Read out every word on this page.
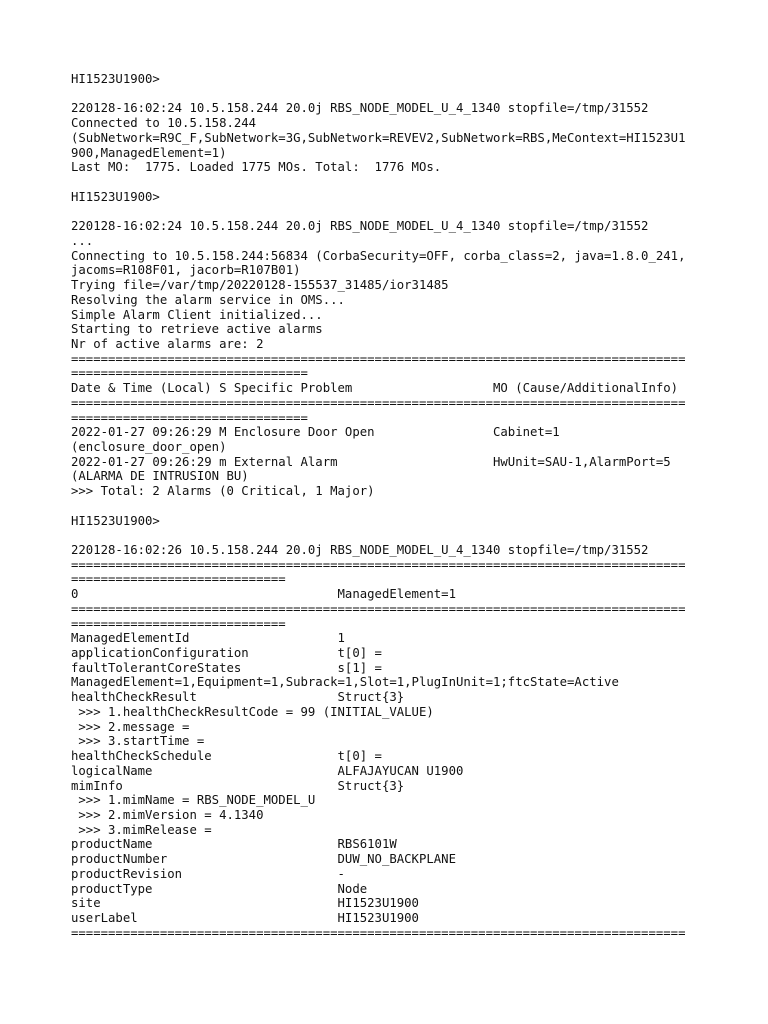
HI1523U1900>
220128-16:02:24 10.5.158.244 20.0j RBS_NODE_MODEL_U_4_1340 stopfile=/tmp/31552
Connected to 10.5.158.244
(SubNetwork=R9C_F,SubNetwork=3G,SubNetwork=REVEV2,SubNetwork=RBS,MeContext=HI1523U1
900,ManagedElement=1)
Last MO:  1775. Loaded 1775 MOs. Total:  1776 MOs.
HI1523U1900>
220128-16:02:24 10.5.158.244 20.0j RBS_NODE_MODEL_U_4_1340 stopfile=/tmp/31552
...
Connecting to 10.5.158.244:56834 (CorbaSecurity=OFF, corba_class=2, java=1.8.0_241,
jacoms=R108F01, jacorb=R107B01)
Trying file=/var/tmp/20220128-155537_31485/ior31485
Resolving the alarm service in OMS...
Simple Alarm Client initialized...
Starting to retrieve active alarms
Nr of active alarms are: 2
===================================================================================
================================
Date & Time (Local) S Specific Problem                   MO (Cause/AdditionalInfo)
===================================================================================
================================
2022-01-27 09:26:29 M Enclosure Door Open                Cabinet=1
(enclosure_door_open)
2022-01-27 09:26:29 m External Alarm                     HwUnit=SAU-1,AlarmPort=5
(ALARMA DE INTRUSION BU)
>>> Total: 2 Alarms (0 Critical, 1 Major)
HI1523U1900>
220128-16:02:26 10.5.158.244 20.0j RBS_NODE_MODEL_U_4_1340 stopfile=/tmp/31552
===================================================================================
=============================
0                                   ManagedElement=1
===================================================================================
=============================
ManagedElementId                    1
applicationConfiguration            t[0] =
faultTolerantCoreStates             s[1] =
ManagedElement=1,Equipment=1,Subrack=1,Slot=1,PlugInUnit=1;ftcState=Active
healthCheckResult                   Struct{3}
>>> 1.healthCheckResultCode = 99 (INITIAL_VALUE)
>>> 2.message =
>>> 3.startTime =
healthCheckSchedule                 t[0] =
logicalName                         ALFAJAYUCAN U1900
mimInfo                             Struct{3}
>>> 1.mimName = RBS_NODE_MODEL_U
>>> 2.mimVersion = 4.1340
>>> 3.mimRelease =
productName                         RBS6101W
productNumber                       DUW_NO_BACKPLANE
productRevision                     -
productType                         Node
site                                HI1523U1900
userLabel                           HI1523U1900
===================================================================================
